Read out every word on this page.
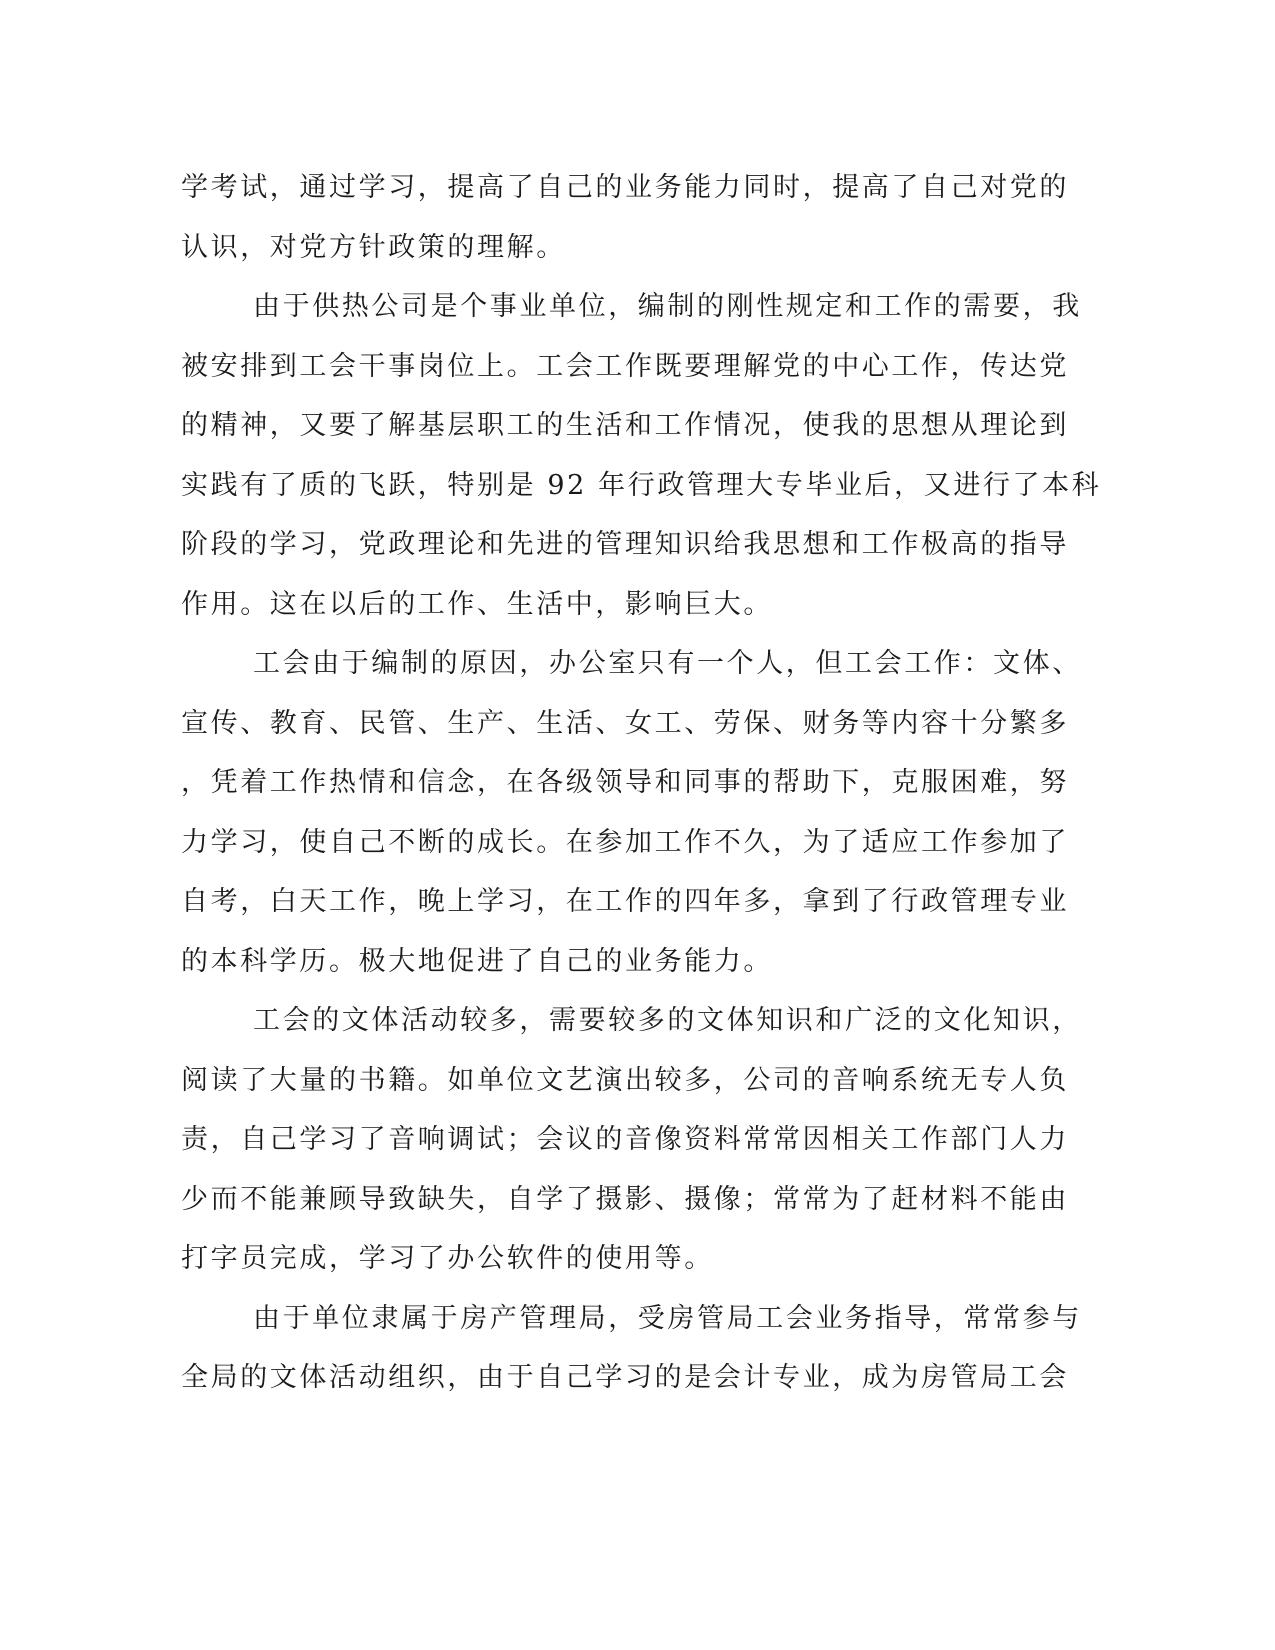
学考试，通过学习，提高了自己的业务能力同时，提高了自己对党的
认识，对党方针政策的理解。
由于供热公司是个事业单位，编制的刚性规定和工作的需要，我
被安排到工会干事岗位上。工会工作既要理解党的中心工作，传达党
的精神，又要了解基层职工的生活和工作情况，使我的思想从理论到
实践有了质的飞跃，特别是 92 年行政管理大专毕业后，又进行了本科
阶段的学习，党政理论和先进的管理知识给我思想和工作极高的指导
作用。这在以后的工作、生活中，影响巨大。
工会由于编制的原因，办公室只有一个人，但工会工作：文体、
宣传、教育、民管、生产、生活、女工、劳保、财务等内容十分繁多
，凭着工作热情和信念，在各级领导和同事的帮助下，克服困难，努
力学习，使自己不断的成长。在参加工作不久，为了适应工作参加了
自考，白天工作，晚上学习，在工作的四年多，拿到了行政管理专业
的本科学历。极大地促进了自己的业务能力。
工会的文体活动较多，需要较多的文体知识和广泛的文化知识，
阅读了大量的书籍。如单位文艺演出较多，公司的音响系统无专人负
责，自己学习了音响调试；会议的音像资料常常因相关工作部门人力
少而不能兼顾导致缺失，自学了摄影、摄像；常常为了赶材料不能由
打字员完成，学习了办公软件的使用等。
由于单位隶属于房产管理局，受房管局工会业务指导，常常参与
全局的文体活动组织，由于自己学习的是会计专业，成为房管局工会
